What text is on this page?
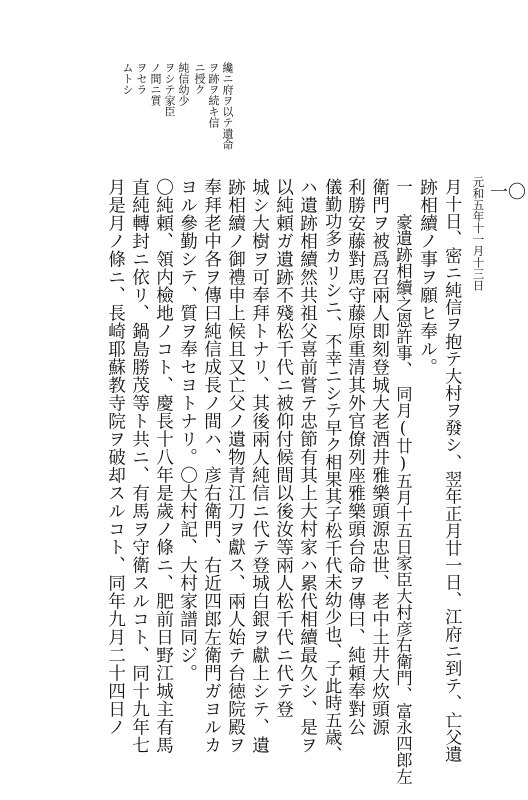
一〇
元和五年十一月十三日
纔ニ府ヲ以テ遺命
ヲ跡ヲ続キ信
ニ授ク
純信幼少
ヲシテ家臣
ノ間ニ質
ヲセラ
ムトシ
月十日、密ニ純信ヲ抱テ大村ヲ發シ、翌年正月廿一日、江府ニ到テ、亡父遺
跡相續ノ事ヲ願ヒ奉ル。
一 豪遺跡相續之恩許事、　同月(廿)五月十五日家臣大村彦右衛門、富永四郎左
衛門ヲ被爲召兩人即刻登城大老酒井雅樂頭源忠世、老中土井大炊頭源
利勝安藤對馬守藤原重清其外官僚列座雅樂頭台命ヲ傳曰、純頼奉對公
儀勤功多カリシニ、不幸ニシテ早ク相果其子松千代未幼少也、子此時五歳、
ハ遺跡相續然共祖父喜前嘗テ忠節有其上大村家ハ累代相續最久シ、是ヲ
以純頼ガ遺跡不殘松千代ニ被仰付候間以後汝等兩人松千代ニ代テ登
城シ大樹ヲ可奉拜トナリ、其後兩人純信ニ代テ登城白銀ヲ獻上シテ、遺
跡相續ノ御禮申上候且又亡父ノ遺物青江刀ヲ獻ス、兩人始テ台徳院殿ヲ
奉拜老中各ヲ傳曰純信成長ノ間ハ、彦右衛門、右近四郎左衛門ガヨルカ
ヨル參勤シテ、質ヲ奉セヨトナリ。〇大村記、大村家譜同ジ。
〇純頼、領内檢地ノコト、慶長十八年是歲ノ條ニ、肥前日野江城主有馬
直純轉封ニ依リ、鍋島勝茂等ト共ニ、有馬ヲ守衛スルコト、同十九年七
月是月ノ條ニ、長崎耶蘇教寺院ヲ破却スルコト、同年九月二十四日ノ
